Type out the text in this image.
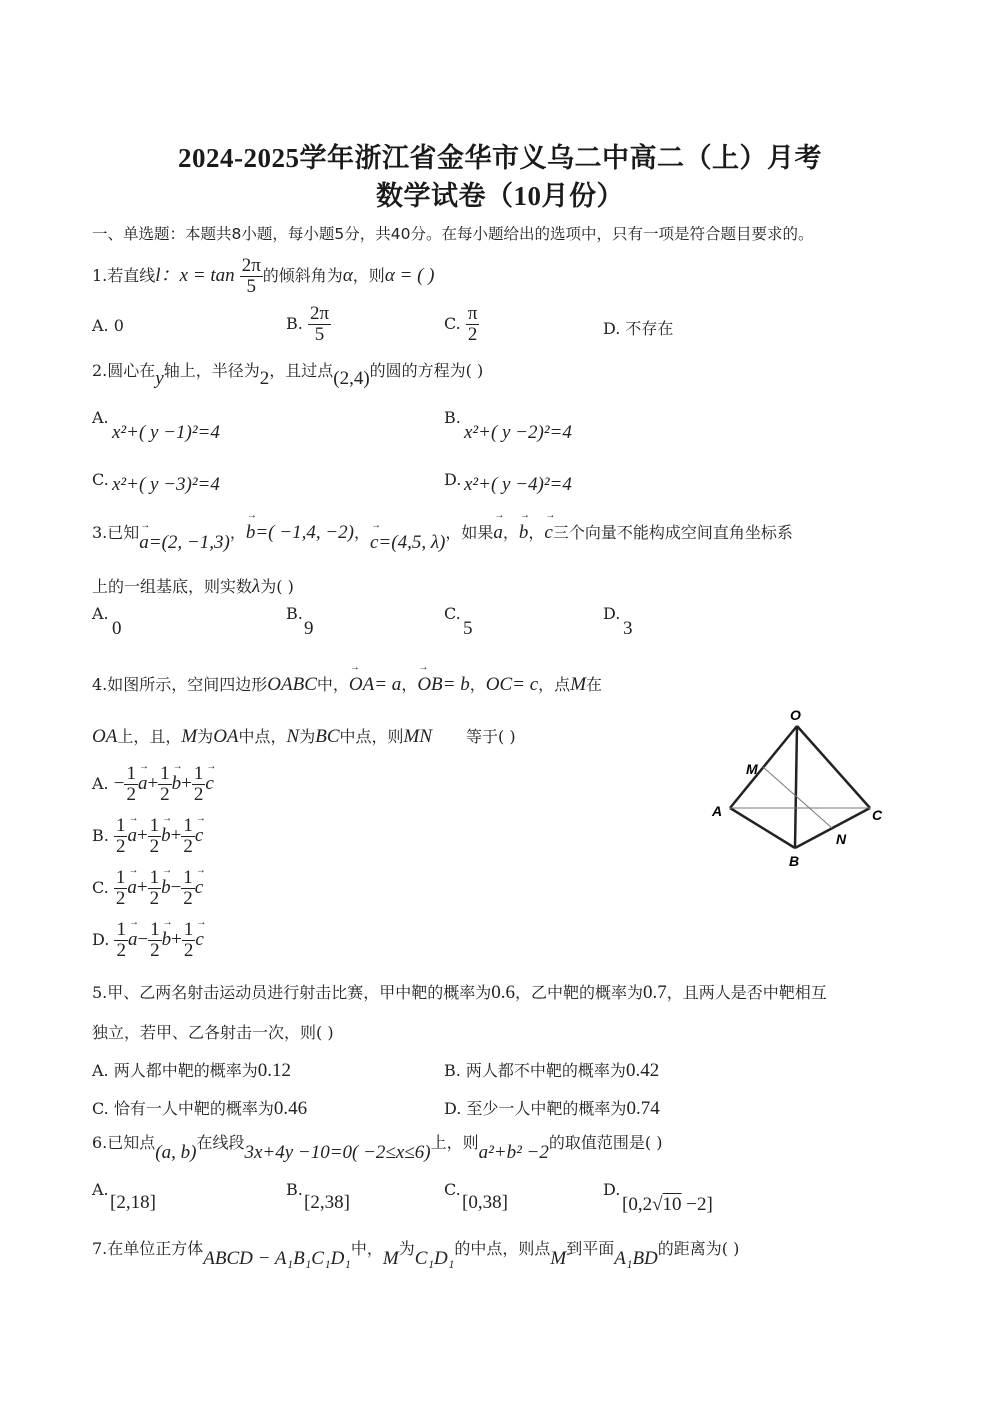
2024-2025学年浙江省金华市义乌二中高二（上）月考
数学试卷（10月份）
一、单选题：本题共8小题，每小题5分，共40分。在每小题给出的选项中，只有一项是符合题目要求的。
1.若直线l：$x = \tan \frac{2\pi}{5}$ 的倾斜角为α，则α = ( )
A. 0	B. $\frac{2\pi}{5}$	C. $\frac{\pi}{2}$	D. 不存在
2.圆心在y轴上，半径为2，且过点(2,4)的圆的方程为( )
A.
x²+( y −1)²=4
B.
x²+( y −2)²=4
C. x²+( y −3)²=4	D. x²+( y −4)²=4
3.已知→ a=(2, −1,3)，→ b=( −1,4, −2)，→ c=(4,5, λ)，如果→ a，→ b，→ c三个向量不能构成空间直角坐标系
上的一组基底，则实数λ为( )
A.
0
B.
9
C.
5
D.
3
4.如图所示，空间四边形OABC中，→ OA= a，→ OB= b，OC= c，点M在
OA上，且，M为OA中点，N为BC中点，则MN 等于( )
A. − $\frac{1}{2} \to a+ \frac{1}{2} \to b+ \frac{1}{2} \to c$
B. $\frac{1}{2} \to a+ \frac{1}{2} \to b+ \frac{1}{2} \to c$
C. $\frac{1}{2} \to a+ \frac{1}{2} \to b- \frac{1}{2} \to c$
D. $\frac{1}{2} \to a- \frac{1}{2} \to b+ \frac{1}{2} \to c$
O
M
A	C
N
B
5.甲、乙两名射击运动员进行射击比赛，甲中靶的概率为0.6，乙中靶的概率为0.7，且两人是否中靶相互
独立，若甲、乙各射击一次，则( )
A. 两人都中靶的概率为0.12	B. 两人都不中靶的概率为0.42
C. 恰有一人中靶的概率为0.46	D. 至少一人中靶的概率为0.74
6.已知点(a, b)在线段3x+4y −10=0( −2≤x≤6)上，则a²+b² −2的取值范围是( )
A.
[2,18]
B.
[2,38]
C.
[0,38]
D.
[0,2√10 −2]
7.在单位正方体ABCD − A₁B₁C₁D₁中，M为C₁D₁的中点，则点M到平面A₁BD的距离为( )
